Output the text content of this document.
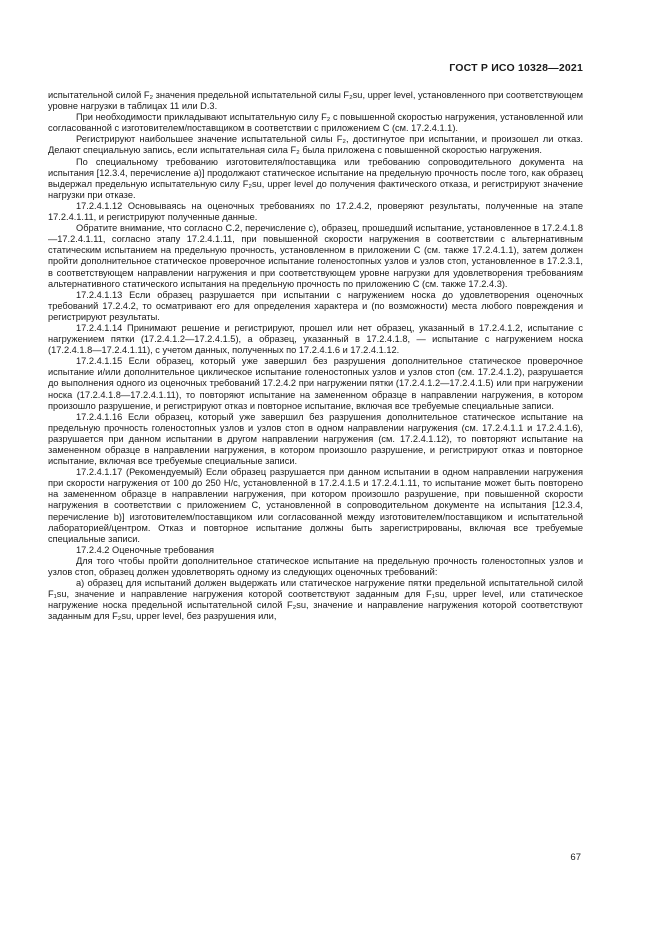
ГОСТ Р ИСО 10328—2021

испытательной силой F₂ значения предельной испытательной силы F₂su, upper level, установленного при соответствующем уровне нагрузки в таблицах 11 или D.3.

При необходимости прикладывают испытательную силу F₂ с повышенной скоростью нагружения, установленной или согласованной с изготовителем/поставщиком в соответствии с приложением С (см. 17.2.4.1.1).

Регистрируют наибольшее значение испытательной силы F₂, достигнутое при испытании, и произошел ли отказ. Делают специальную запись, если испытательная сила F₂ была приложена с повышенной скоростью нагружения.

По специальному требованию изготовителя/поставщика или требованию сопроводительного документа на испытания [12.3.4, перечисление а)] продолжают статическое испытание на предельную прочность после того, как образец выдержал предельную испытательную силу F₂su, upper level до получения фактического отказа, и регистрируют значение нагрузки при отказе.

17.2.4.1.12 Основываясь на оценочных требованиях по 17.2.4.2, проверяют результаты, полученные на этапе 17.2.4.1.11, и регистрируют полученные данные.

Обратите внимание, что согласно С.2, перечисление с), образец, прошедший испытание, установленное в 17.2.4.1.8—17.2.4.1.11, согласно этапу 17.2.4.1.11, при повышенной скорости нагружения в соответствии с альтернативным статическим испытанием на предельную прочность, установленном в приложении С (см. также 17.2.4.1.1), затем должен пройти дополнительное статическое проверочное испытание голеностопных узлов и узлов стоп, установленное в 17.2.3.1, в соответствующем направлении нагружения и при соответствующем уровне нагрузки для удовлетворения требованиям альтернативного статического испытания на предельную прочность по приложению С (см. также 17.2.4.3).

17.2.4.1.13 Если образец разрушается при испытании с нагружением носка до удовлетворения оценочных требований 17.2.4.2, то осматривают его для определения характера и (по возможности) места любого повреждения и регистрируют результаты.

17.2.4.1.14 Принимают решение и регистрируют, прошел или нет образец, указанный в 17.2.4.1.2, испытание с нагружением пятки (17.2.4.1.2—17.2.4.1.5), а образец, указанный в 17.2.4.1.8, — испытание с нагружением носка (17.2.4.1.8—17.2.4.1.11), с учетом данных, полученных по 17.2.4.1.6 и 17.2.4.1.12.

17.2.4.1.15 Если образец, который уже завершил без разрушения дополнительное статическое проверочное испытание и/или дополнительное циклическое испытание голеностопных узлов и узлов стоп (см. 17.2.4.1.2), разрушается до выполнения одного из оценочных требований 17.2.4.2 при нагружении пятки (17.2.4.1.2—17.2.4.1.5) или при нагружении носка (17.2.4.1.8—17.2.4.1.11), то повторяют испытание на замененном образце в направлении нагружения, в котором произошло разрушение, и регистрируют отказ и повторное испытание, включая все требуемые специальные записи.

17.2.4.1.16 Если образец, который уже завершил без разрушения дополнительное статическое испытание на предельную прочность голеностопных узлов и узлов стоп в одном направлении нагружения (см. 17.2.4.1.1 и 17.2.4.1.6), разрушается при данном испытании в другом направлении нагружения (см. 17.2.4.1.12), то повторяют испытание на замененном образце в направлении нагружения, в котором произошло разрушение, и регистрируют отказ и повторное испытание, включая все требуемые специальные записи.

17.2.4.1.17 (Рекомендуемый) Если образец разрушается при данном испытании в одном направлении нагружения при скорости нагружения от 100 до 250 Н/с, установленной в 17.2.4.1.5 и 17.2.4.1.11, то испытание может быть повторено на замененном образце в направлении нагружения, при котором произошло разрушение, при повышенной скорости нагружения в соответствии с приложением С, установленной в сопроводительном документе на испытания [12.3.4, перечисление b)] изготовителем/поставщиком или согласованной между изготовителем/поставщиком и испытательной лабораторией/центром. Отказ и повторное испытание должны быть зарегистрированы, включая все требуемые специальные записи.

17.2.4.2 Оценочные требования

Для того чтобы пройти дополнительное статическое испытание на предельную прочность голеностопных узлов и узлов стоп, образец должен удовлетворять одному из следующих оценочных требований:

а) образец для испытаний должен выдержать или статическое нагружение пятки предельной испытательной силой F₁su, значение и направление нагружения которой соответствуют заданным для F₁su, upper level, или статическое нагружение носка предельной испытательной силой F₂su, значение и направление нагружения которой соответствуют заданным для F₂su, upper level, без разрушения или,

67
